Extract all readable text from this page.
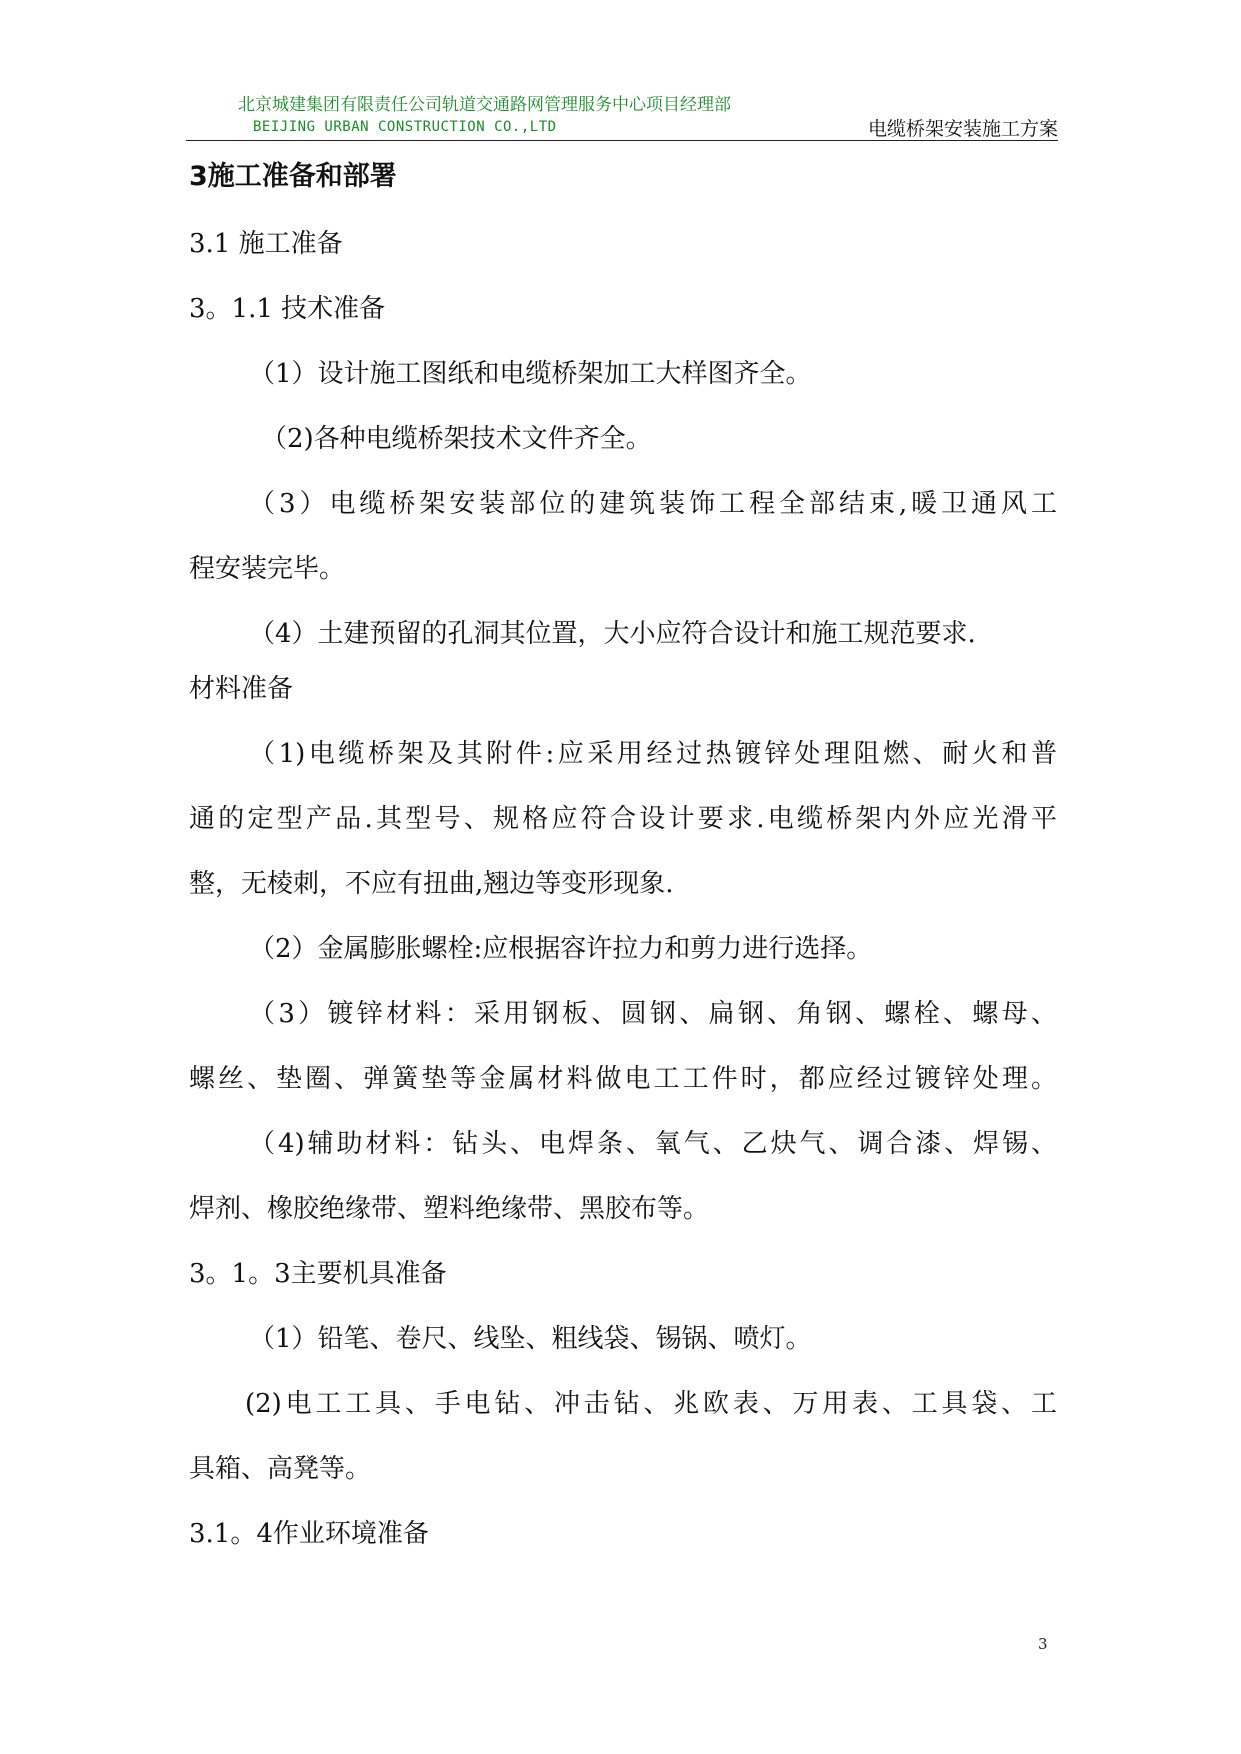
北京城建集团有限责任公司轨道交通路网管理服务中心项目经理部
BEIJING URBAN CONSTRUCTION CO.,LTD	电缆桥架安装施工方案
3施工准备和部署
3.1 施工准备
3。1.1 技术准备
（1）设计施工图纸和电缆桥架加工大样图齐全。
（2)各种电缆桥架技术文件齐全。
（3）电缆桥架安装部位的建筑装饰工程全部结束,暖卫通风工
程安装完毕。
（4）土建预留的孔洞其位置，大小应符合设计和施工规范要求.
材料准备
（1)电缆桥架及其附件:应采用经过热镀锌处理阻燃、耐火和普
通的定型产品.其型号、规格应符合设计要求.电缆桥架内外应光滑平
整，无棱刺，不应有扭曲,翘边等变形现象.
（2）金属膨胀螺栓:应根据容许拉力和剪力进行选择。
（3）镀锌材料：采用钢板、圆钢、扁钢、角钢、螺栓、螺母、
螺丝、垫圈、弹簧垫等金属材料做电工工件时，都应经过镀锌处理。
（4)辅助材料：钻头、电焊条、氧气、乙炔气、调合漆、焊锡、
焊剂、橡胶绝缘带、塑料绝缘带、黑胶布等。
3。1。3主要机具准备
（1）铅笔、卷尺、线坠、粗线袋、锡锅、喷灯。
(2)电工工具、手电钻、冲击钻、兆欧表、万用表、工具袋、工
具箱、高凳等。
3.1。4作业环境准备
3
